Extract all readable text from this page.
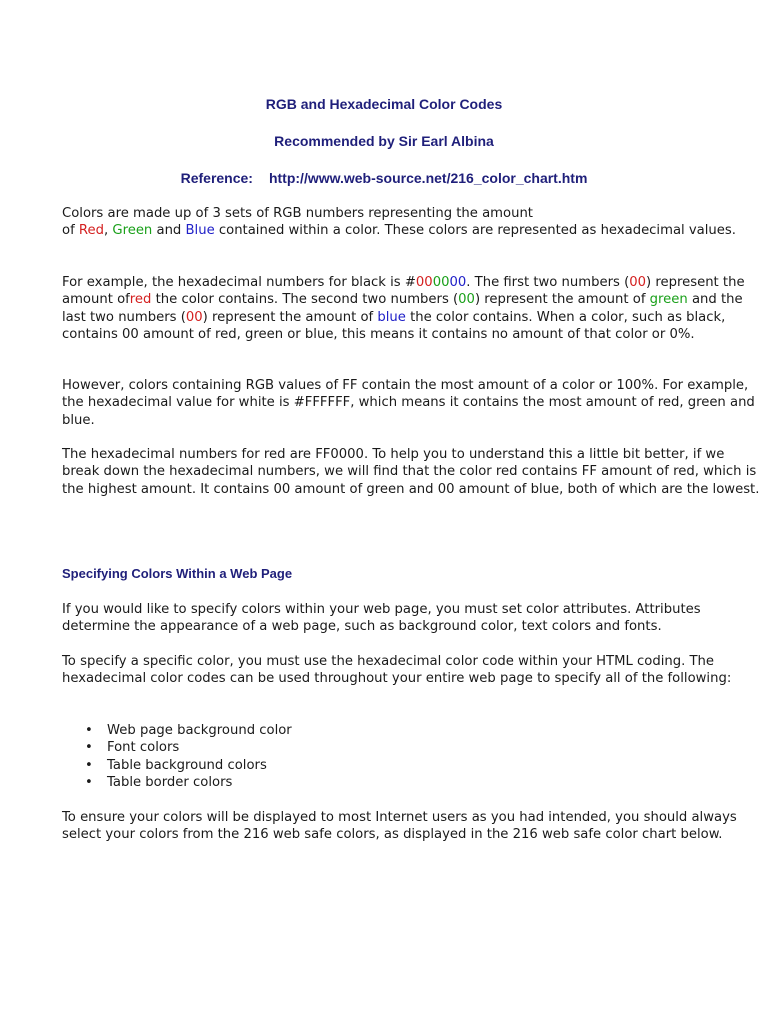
RGB and Hexadecimal Color Codes
Recommended by Sir Earl Albina
Reference: http://www.web-source.net/216_color_chart.htm

Colors are made up of 3 sets of RGB numbers representing the amount
of Red, Green and Blue contained within a color. These colors are represented as hexadecimal values.

For example, the hexadecimal numbers for black is #000000. The first two numbers (00) represent the amount ofred the color contains. The second two numbers (00) represent the amount of green and the last two numbers (00) represent the amount of blue the color contains. When a color, such as black, contains 00 amount of red, green or blue, this means it contains no amount of that color or 0%.

However, colors containing RGB values of FF contain the most amount of a color or 100%. For example, the hexadecimal value for white is #FFFFFF, which means it contains the most amount of red, green and blue.

The hexadecimal numbers for red are FF0000. To help you to understand this a little bit better, if we break down the hexadecimal numbers, we will find that the color red contains FF amount of red, which is the highest amount. It contains 00 amount of green and 00 amount of blue, both of which are the lowest.

Specifying Colors Within a Web Page

If you would like to specify colors within your web page, you must set color attributes. Attributes determine the appearance of a web page, such as background color, text colors and fonts.

To specify a specific color, you must use the hexadecimal color code within your HTML coding. The hexadecimal color codes can be used throughout your entire web page to specify all of the following:

• Web page background color
• Font colors
• Table background colors
• Table border colors

To ensure your colors will be displayed to most Internet users as you had intended, you should always select your colors from the 216 web safe colors, as displayed in the 216 web safe color chart below.
